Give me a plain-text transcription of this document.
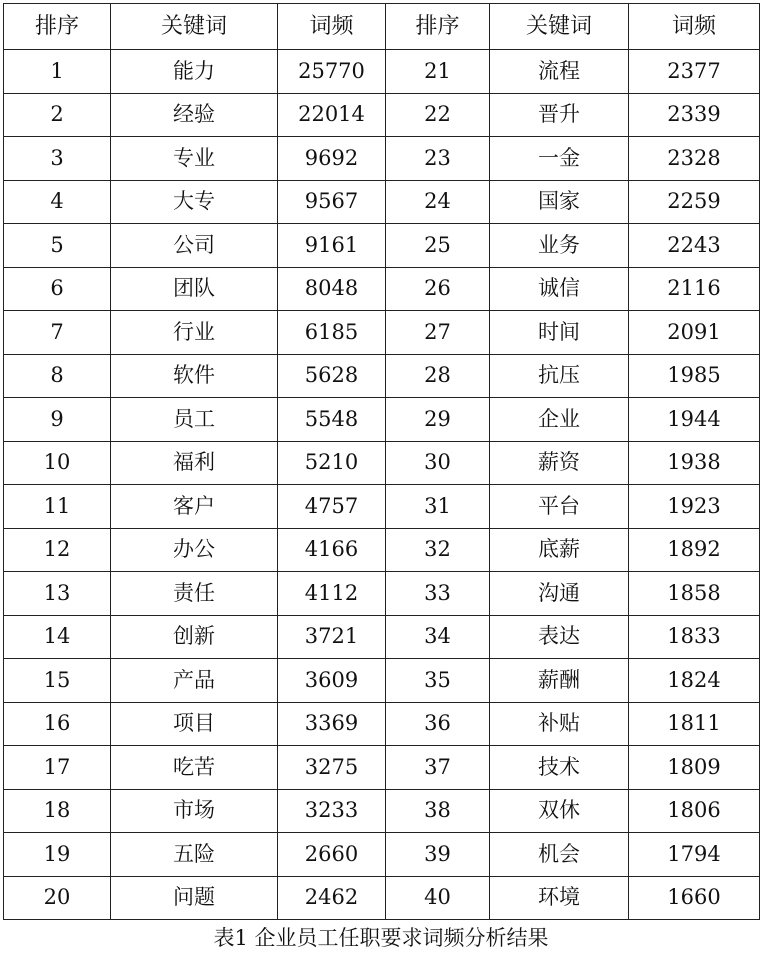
排序	关键词	词频	排序	关键词	词频
1	能力	25770	21	流程	2377
2	经验	22014	22	晋升	2339
3	专业	9692	23	一金	2328
4	大专	9567	24	国家	2259
5	公司	9161	25	业务	2243
6	团队	8048	26	诚信	2116
7	行业	6185	27	时间	2091
8	软件	5628	28	抗压	1985
9	员工	5548	29	企业	1944
10	福利	5210	30	薪资	1938
11	客户	4757	31	平台	1923
12	办公	4166	32	底薪	1892
13	责任	4112	33	沟通	1858
14	创新	3721	34	表达	1833
15	产品	3609	35	薪酬	1824
16	项目	3369	36	补贴	1811
17	吃苦	3275	37	技术	1809
18	市场	3233	38	双休	1806
19	五险	2660	39	机会	1794
20	问题	2462	40	环境	1660
表1 企业员工任职要求词频分析结果
